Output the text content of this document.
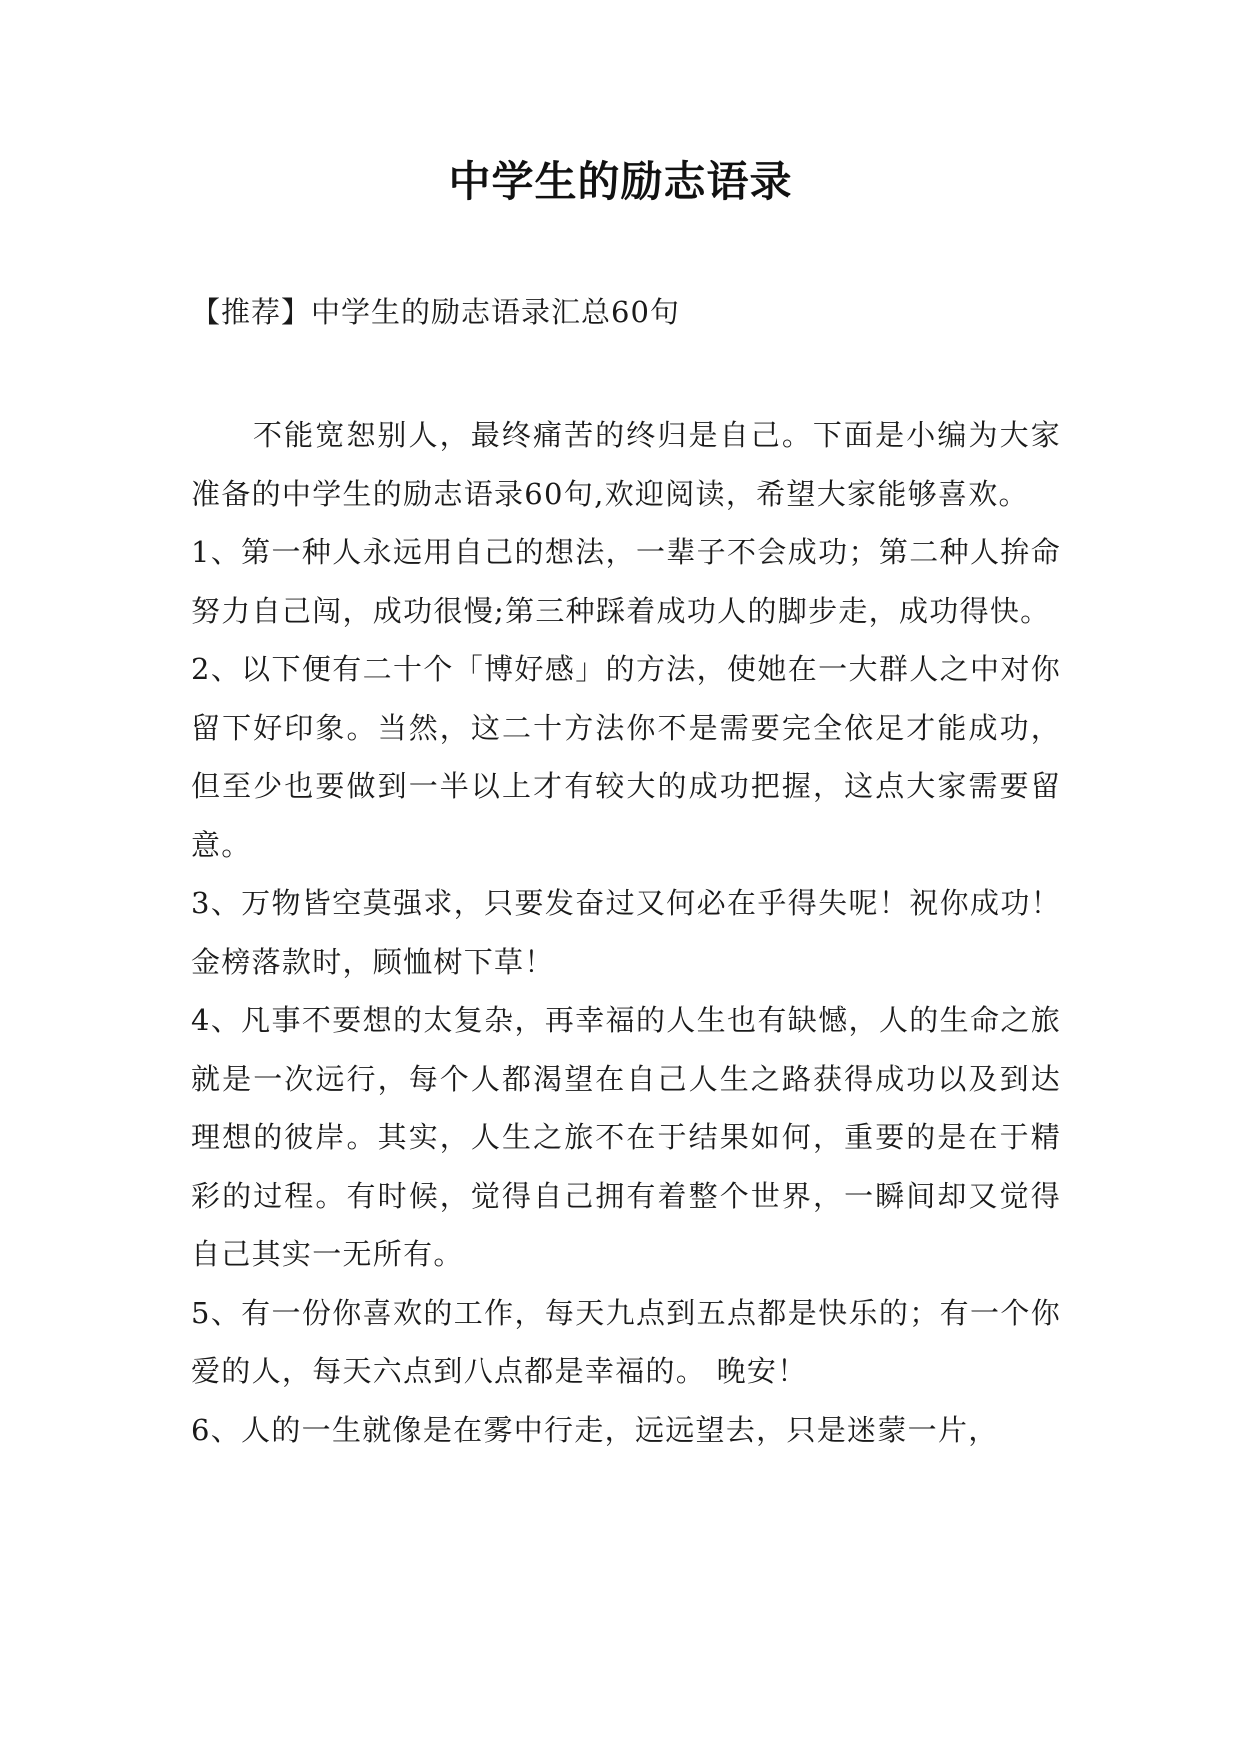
中学生的励志语录
【推荐】中学生的励志语录汇总60句

不能宽恕别人，最终痛苦的终归是自己。下面是小编为大家准备的中学生的励志语录60句,欢迎阅读，希望大家能够喜欢。

1、第一种人永远用自己的想法，一辈子不会成功；第二种人拚命努力自己闯，成功很慢;第三种踩着成功人的脚步走，成功得快。

2、以下便有二十个「博好感」的方法，使她在一大群人之中对你留下好印象。当然，这二十方法你不是需要完全依足才能成功，但至少也要做到一半以上才有较大的成功把握，这点大家需要留意。

3、万物皆空莫强求，只要发奋过又何必在乎得失呢！祝你成功！金榜落款时，顾恤树下草！

4、凡事不要想的太复杂，再幸福的人生也有缺憾，人的生命之旅就是一次远行，每个人都渴望在自己人生之路获得成功以及到达理想的彼岸。其实，人生之旅不在于结果如何，重要的是在于精彩的过程。有时候，觉得自己拥有着整个世界，一瞬间却又觉得自己其实一无所有。

5、有一份你喜欢的工作，每天九点到五点都是快乐的；有一个你爱的人，每天六点到八点都是幸福的。 晚安！

6、人的一生就像是在雾中行走，远远望去，只是迷蒙一片，
